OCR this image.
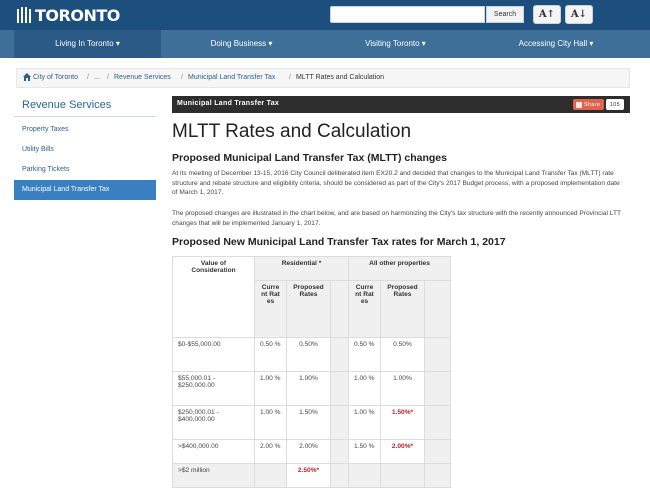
TORONTO	Search	A↑	A↓
Living In Toronto ▾	Doing Business ▾	Visiting Toronto ▾	Accessing City Hall ▾
City of Toronto / ... / Revenue Services / Municipal Land Transfer Tax / MLTT Rates and Calculation
Revenue Services
Property Taxes
Utility Bills
Parking Tickets
Municipal Land Transfer Tax
Municipal Land Transfer Tax	Share	105
MLTT Rates and Calculation
Proposed Municipal Land Transfer Tax (MLTT) changes
At its meeting of December 13-15, 2016 City Council deliberated item EX20.2 and decided that changes to the Municipal Land Transfer Tax (MLTT) rate structure and rebate structure and eligibility criteria, should be considered as part of the City's 2017 Budget process, with a proposed implementation date of March 1, 2017.
The proposed changes are illustrated in the chart below, and are based on harmonizing the City's tax structure with the recently announced Provincial LTT changes that will be implemented January 1, 2017.
Proposed New Municipal Land Transfer Tax rates for March 1, 2017
Value of Consideration	Residential *			All other properties		
	Current Rates	Proposed Rates		Current Rates	Proposed Rates	
$0-$55,000.00	0.50 %	0.50%		0.50 %	0.50%	
$55,000.01 - $250,000.00	1.00 %	1.00%		1.00 %	1.00%	
$250,000.01 - $400,000.00	1.00 %	1.50%		1.00 %	1.50%*	
>$400,000.00	2.00 %	2.00%		1.50 %	2.00%*	
>$2 million		2.50%*				
